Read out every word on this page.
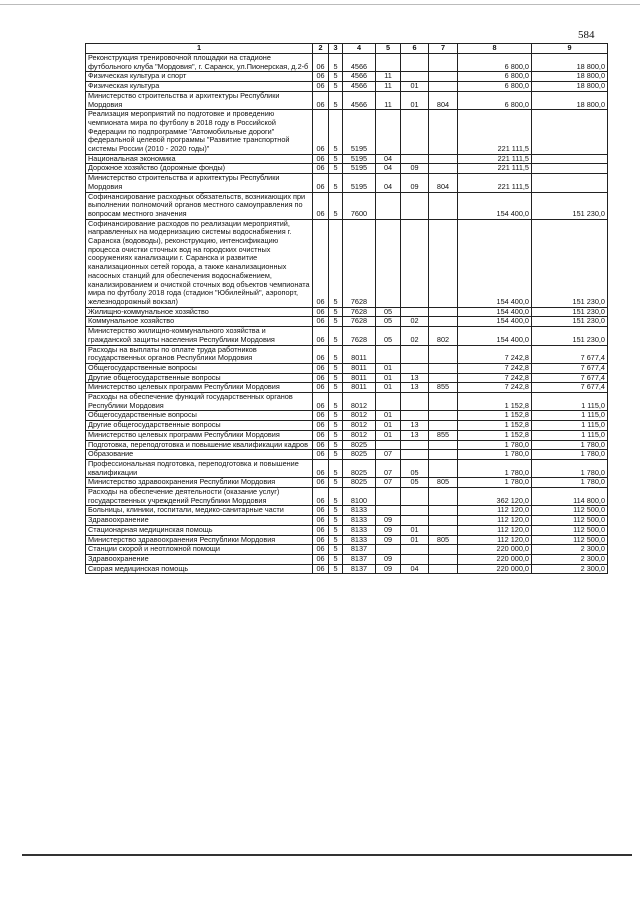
584
1	2	3	4	5	6	7	8	9
Реконструкция тренировочной площадки на стадионе футбольного клуба "Мордовия", г. Саранск, ул.Пионерская, д.2-б	06	5	4566				6 800,0	18 800,0
Физическая культура и спорт	06	5	4566	11			6 800,0	18 800,0
Физическая культура	06	5	4566	11	01		6 800,0	18 800,0
Министерство строительства и архитектуры Республики Мордовия	06	5	4566	11	01	804	6 800,0	18 800,0
Реализация мероприятий по подготовке и проведению чемпионата мира по футболу в 2018 году в Российской Федерации по подпрограмме "Автомобильные дороги" федеральной целевой программы "Развитие транспортной системы России (2010 - 2020 годы)"	06	5	5195				221 111,5	
Национальная экономика	06	5	5195	04			221 111,5	
Дорожное хозяйство (дорожные фонды)	06	5	5195	04	09		221 111,5	
Министерство строительства и архитектуры Республики Мордовия	06	5	5195	04	09	804	221 111,5	
Софинансирование расходных обязательств, возникающих при выполнении полномочий органов местного самоуправления по вопросам местного значения	06	5	7600				154 400,0	151 230,0
Софинансирование расходов по реализации мероприятий, направленных на модернизацию системы водоснабжения г. Саранска (водоводы), реконструкцию, интенсификацию процесса очистки сточных вод на городских очистных сооружениях канализации г. Саранска и развитие канализационных сетей города, а также канализационных насосных станций для обеспечения водоснабжением, канализированием и очисткой сточных вод объектов чемпионата мира по футболу 2018 года (стадион "Юбилейный", аэропорт, железнодорожный вокзал)	06	5	7628				154 400,0	151 230,0
Жилищно-коммунальное хозяйство	06	5	7628	05			154 400,0	151 230,0
Коммунальное хозяйство	06	5	7628	05	02		154 400,0	151 230,0
Министерство жилищно-коммунального хозяйства и гражданской защиты населения Республики Мордовия	06	5	7628	05	02	802	154 400,0	151 230,0
Расходы на выплаты по оплате труда работников государственных органов Республики Мордовия	06	5	8011				7 242,8	7 677,4
Общегосударственные вопросы	06	5	8011	01			7 242,8	7 677,4
Другие общегосударственные вопросы	06	5	8011	01	13		7 242,8	7 677,4
Министерство целевых программ Республики Мордовия	06	5	8011	01	13	855	7 242,8	7 677,4
Расходы на обеспечение функций государственных органов Республики Мордовия	06	5	8012				1 152,8	1 115,0
Общегосударственные вопросы	06	5	8012	01			1 152,8	1 115,0
Другие общегосударственные вопросы	06	5	8012	01	13		1 152,8	1 115,0
Министерство целевых программ Республики Мордовия	06	5	8012	01	13	855	1 152,8	1 115,0
Подготовка, переподготовка и повышение квалификации кадров	06	5	8025				1 780,0	1 780,0
Образование	06	5	8025	07			1 780,0	1 780,0
Профессиональная подготовка, переподготовка и повышение квалификации	06	5	8025	07	05		1 780,0	1 780,0
Министерство здравоохранения Республики Мордовия	06	5	8025	07	05	805	1 780,0	1 780,0
Расходы на обеспечение деятельности (оказание услуг) государственных учреждений Республики Мордовия	06	5	8100				362 120,0	114 800,0
Больницы, клиники, госпитали, медико-санитарные части	06	5	8133				112 120,0	112 500,0
Здравоохранение	06	5	8133	09			112 120,0	112 500,0
Стационарная медицинская помощь	06	5	8133	09	01		112 120,0	112 500,0
Министерство здравоохранения Республики Мордовия	06	5	8133	09	01	805	112 120,0	112 500,0
Станции скорой и неотложной помощи	06	5	8137				220 000,0	2 300,0
Здравоохранение	06	5	8137	09			220 000,0	2 300,0
Скорая медицинская помощь	06	5	8137	09	04		220 000,0	2 300,0
